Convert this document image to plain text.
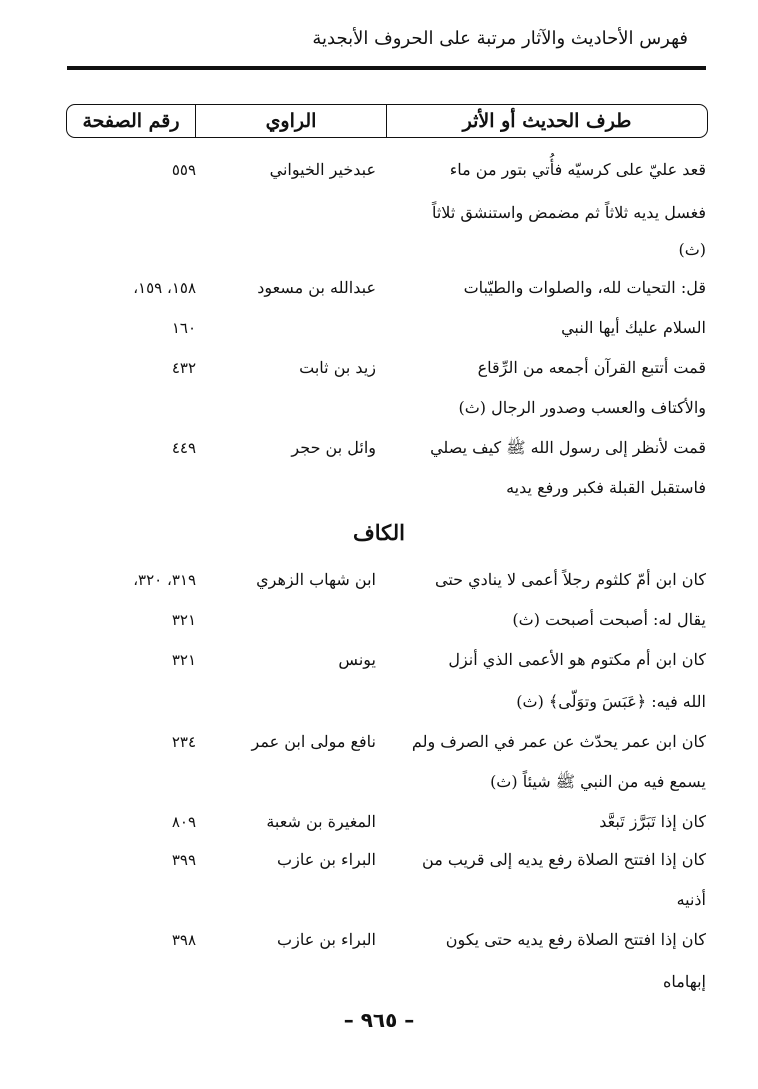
فهرس الأحاديث والآثار مرتبة على الحروف الأبجدية
طرف الحديث أو الأثر
الراوي
رقم الصفحة
قعد عليّ على كرسيّه فأُتي بتور من ماء
عبدخير الخيواني
٥٥٩
فغسل يديه ثلاثاً ثم مضمض واستنشق ثلاثاً
(ث)
قل: التحيات لله، والصلوات والطيّبات
عبدالله بن مسعود
١٥٨، ١٥٩،
السلام عليك أيها النبي
١٦٠
قمت أتتبع القرآن أجمعه من الرِّقاع
زيد بن ثابت
٤٣٢
والأكتاف والعسب وصدور الرجال (ث)
قمت لأنظر إلى رسول الله ﷺ كيف يصلي
وائل بن حجر
٤٤٩
فاستقبل القبلة فكبر ورفع يديه
الكاف
كان ابن أمّ كلثوم رجلاً أعمى لا ينادي حتى
ابن شهاب الزهري
٣١٩، ٣٢٠،
يقال له: أصبحت أصبحت (ث)
٣٢١
كان ابن أم مكتوم هو الأعمى الذي أنزل
يونس
٣٢١
الله فيه: ﴿عَبَسَ وتوَلّى﴾ (ث)
كان ابن عمر يحدّث عن عمر في الصرف ولم
نافع مولى ابن عمر
٢٣٤
يسمع فيه من النبي ﷺ شيئاً (ث)
كان إذا تَبَرَّز تَبعَّد
المغيرة بن شعبة
٨٠٩
كان إذا افتتح الصلاة رفع يديه إلى قريب من
البراء بن عازب
٣٩٩
أذنيه
كان إذا افتتح الصلاة رفع يديه حتى يكون
البراء بن عازب
٣٩٨
إبهاماه
– ٩٦٥ –
